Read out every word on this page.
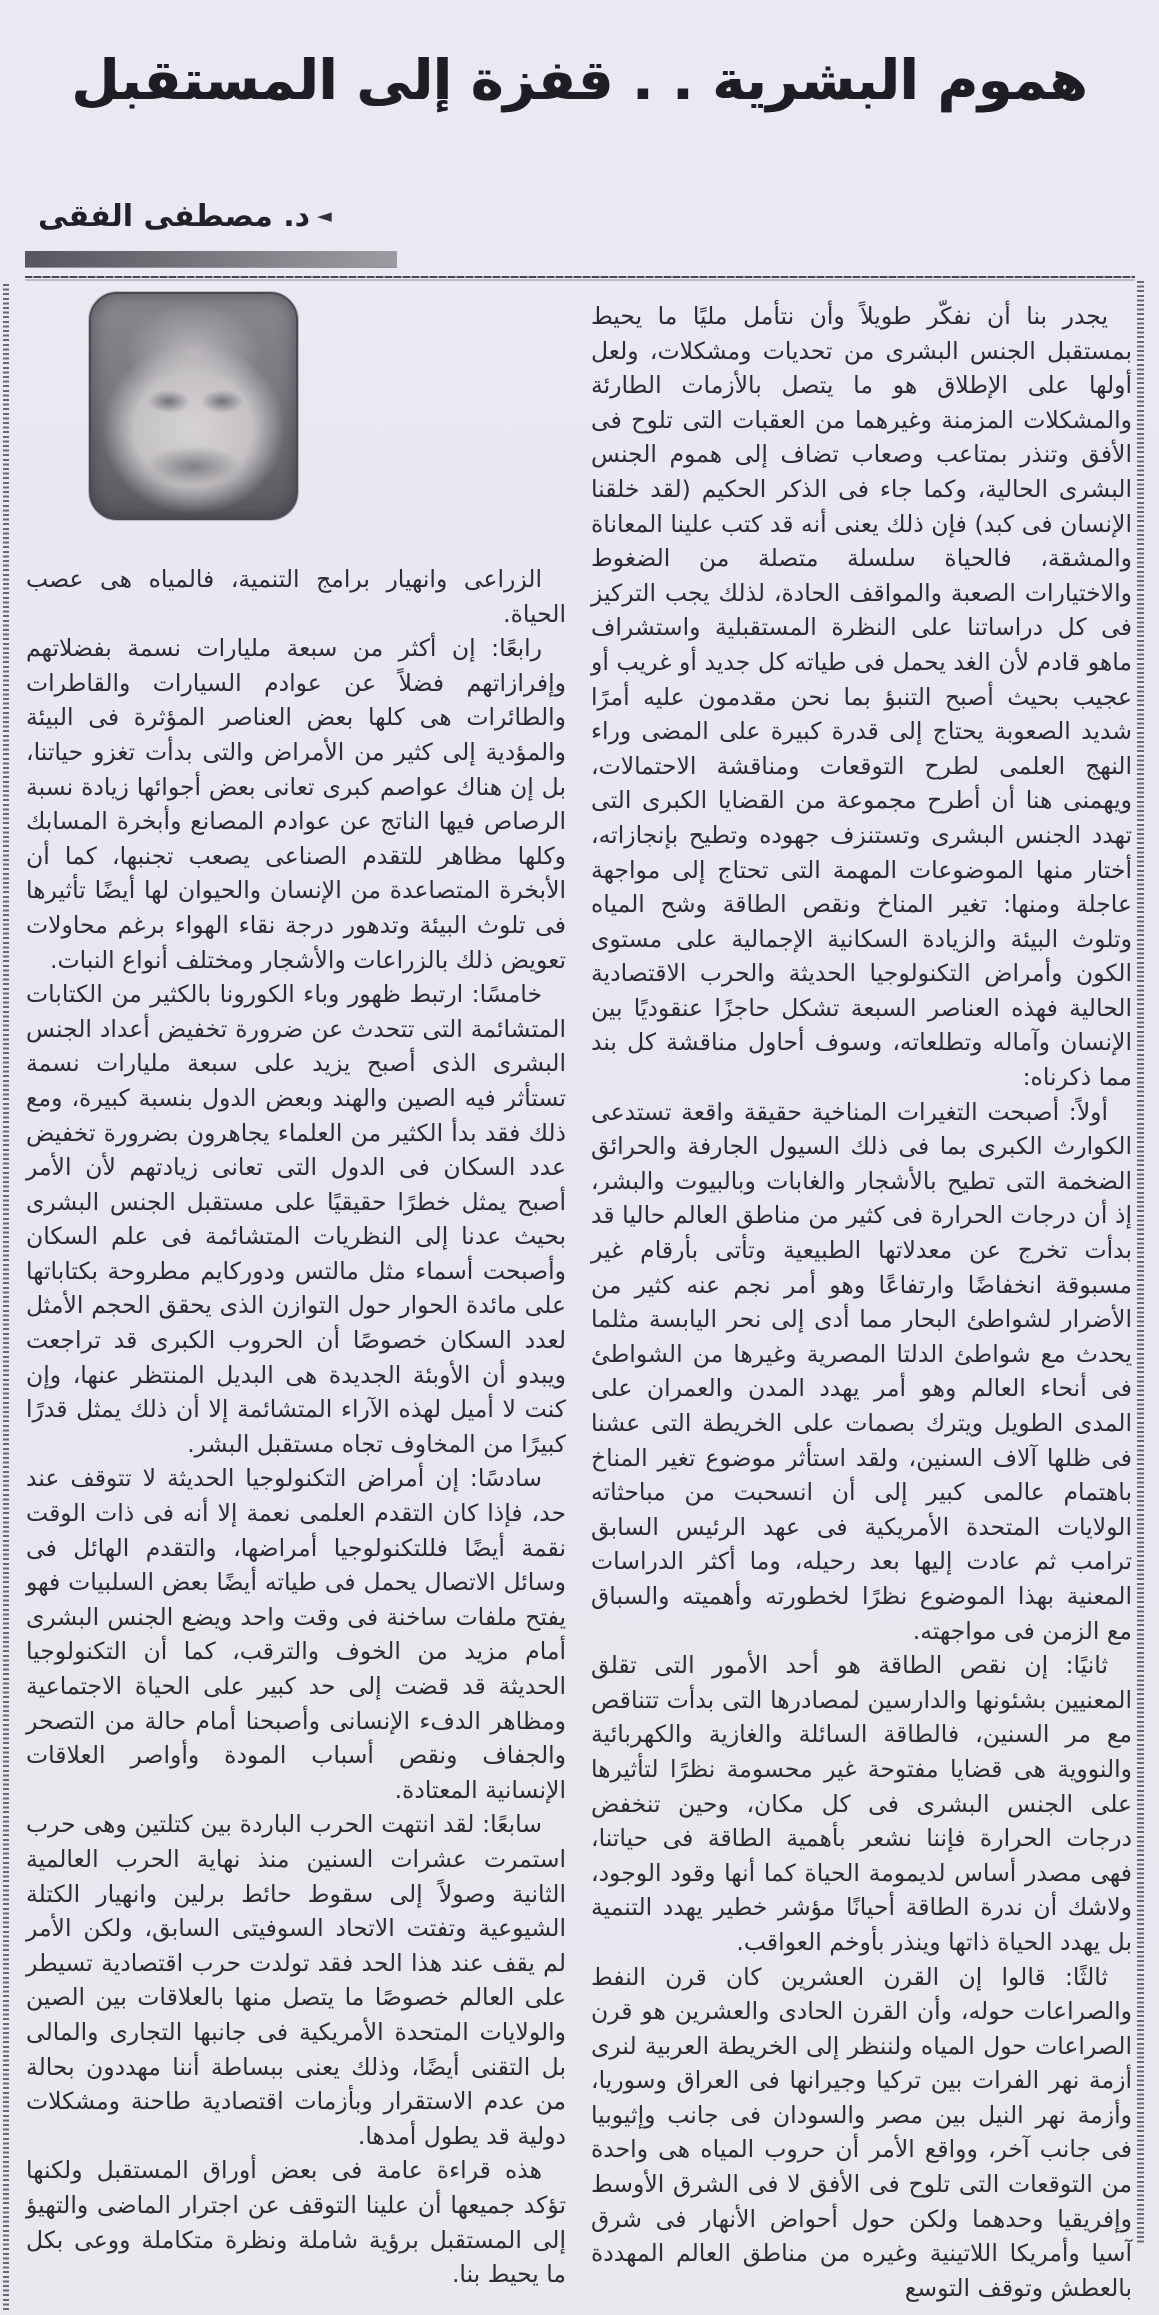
هموم البشرية . . قفزة إلى المستقبل
◄د. مصطفى الفقى

الزراعى وانهيار برامج التنمية، فالمياه هى عصب الحياة.

رابعًا: إن أكثر من سبعة مليارات نسمة بفضلاتهم وإفرازاتهم فضلاً عن عوادم السيارات والقاطرات والطائرات هى كلها بعض العناصر المؤثرة فى البيئة والمؤدية إلى كثير من الأمراض والتى بدأت تغزو حياتنا، بل إن هناك عواصم كبرى تعانى بعض أجوائها زيادة نسبة الرصاص فيها الناتج عن عوادم المصانع وأبخرة المسابك وكلها مظاهر للتقدم الصناعى يصعب تجنبها، كما أن الأبخرة المتصاعدة من الإنسان والحيوان لها أيضًا تأثيرها فى تلوث البيئة وتدهور درجة نقاء الهواء برغم محاولات تعويض ذلك بالزراعات والأشجار ومختلف أنواع النبات.

خامسًا: ارتبط ظهور وباء الكورونا بالكثير من الكتابات المتشائمة التى تتحدث عن ضرورة تخفيض أعداد الجنس البشرى الذى أصبح يزيد على سبعة مليارات نسمة تستأثر فيه الصين والهند وبعض الدول بنسبة كبيرة، ومع ذلك فقد بدأ الكثير من العلماء يجاهرون بضرورة تخفيض عدد السكان فى الدول التى تعانى زيادتهم لأن الأمر أصبح يمثل خطرًا حقيقيًا على مستقبل الجنس البشرى بحيث عدنا إلى النظريات المتشائمة فى علم السكان وأصبحت أسماء مثل مالتس ودوركايم مطروحة بكتاباتها على مائدة الحوار حول التوازن الذى يحقق الحجم الأمثل لعدد السكان خصوصًا أن الحروب الكبرى قد تراجعت ويبدو أن الأوبئة الجديدة هى البديل المنتظر عنها، وإن كنت لا أميل لهذه الآراء المتشائمة إلا أن ذلك يمثل قدرًا كبيرًا من المخاوف تجاه مستقبل البشر.

سادسًا: إن أمراض التكنولوجيا الحديثة لا تتوقف عند حد، فإذا كان التقدم العلمى نعمة إلا أنه فى ذات الوقت نقمة أيضًا فللتكنولوجيا أمراضها، والتقدم الهائل فى وسائل الاتصال يحمل فى طياته أيضًا بعض السلبيات فهو يفتح ملفات ساخنة فى وقت واحد ويضع الجنس البشرى أمام مزيد من الخوف والترقب، كما أن التكنولوجيا الحديثة قد قضت إلى حد كبير على الحياة الاجتماعية ومظاهر الدفء الإنسانى وأصبحنا أمام حالة من التصحر والجفاف ونقص أسباب المودة وأواصر العلاقات الإنسانية المعتادة.

سابعًا: لقد انتهت الحرب الباردة بين كتلتين وهى حرب استمرت عشرات السنين منذ نهاية الحرب العالمية الثانية وصولاً إلى سقوط حائط برلين وانهيار الكتلة الشيوعية وتفتت الاتحاد السوفيتى السابق، ولكن الأمر لم يقف عند هذا الحد فقد تولدت حرب اقتصادية تسيطر على العالم خصوصًا ما يتصل منها بالعلاقات بين الصين والولايات المتحدة الأمريكية فى جانبها التجارى والمالى بل التقنى أيضًا، وذلك يعنى ببساطة أننا مهددون بحالة من عدم الاستقرار وبأزمات اقتصادية طاحنة ومشكلات دولية قد يطول أمدها.

هذه قراءة عامة فى بعض أوراق المستقبل ولكنها تؤكد جميعها أن علينا التوقف عن اجترار الماضى والتهيؤ إلى المستقبل برؤية شاملة ونظرة متكاملة ووعى بكل ما يحيط بنا.

يجدر بنا أن نفكّر طويلاً وأن نتأمل مليًا ما يحيط بمستقبل الجنس البشرى من تحديات ومشكلات، ولعل أولها على الإطلاق هو ما يتصل بالأزمات الطارئة والمشكلات المزمنة وغيرهما من العقبات التى تلوح فى الأفق وتنذر بمتاعب وصعاب تضاف إلى هموم الجنس البشرى الحالية، وكما جاء فى الذكر الحكيم (لقد خلقنا الإنسان فى كبد) فإن ذلك يعنى أنه قد كتب علينا المعاناة والمشقة، فالحياة سلسلة متصلة من الضغوط والاختيارات الصعبة والمواقف الحادة، لذلك يجب التركيز فى كل دراساتنا على النظرة المستقبلية واستشراف ماهو قادم لأن الغد يحمل فى طياته كل جديد أو غريب أو عجيب بحيث أصبح التنبؤ بما نحن مقدمون عليه أمرًا شديد الصعوبة يحتاج إلى قدرة كبيرة على المضى وراء النهج العلمى لطرح التوقعات ومناقشة الاحتمالات، ويهمنى هنا أن أطرح مجموعة من القضايا الكبرى التى تهدد الجنس البشرى وتستنزف جهوده وتطيح بإنجازاته، أختار منها الموضوعات المهمة التى تحتاج إلى مواجهة عاجلة ومنها: تغير المناخ ونقص الطاقة وشح المياه وتلوث البيئة والزيادة السكانية الإجمالية على مستوى الكون وأمراض التكنولوجيا الحديثة والحرب الاقتصادية الحالية فهذه العناصر السبعة تشكل حاجزًا عنقوديًا بين الإنسان وآماله وتطلعاته، وسوف أحاول مناقشة كل بند مما ذكرناه:

أولاً: أصبحت التغيرات المناخية حقيقة واقعة تستدعى الكوارث الكبرى بما فى ذلك السيول الجارفة والحرائق الضخمة التى تطيح بالأشجار والغابات وبالبيوت والبشر، إذ أن درجات الحرارة فى كثير من مناطق العالم حاليا قد بدأت تخرج عن معدلاتها الطبيعية وتأتى بأرقام غير مسبوقة انخفاضًا وارتفاعًا وهو أمر نجم عنه كثير من الأضرار لشواطئ البحار مما أدى إلى نحر اليابسة مثلما يحدث مع شواطئ الدلتا المصرية وغيرها من الشواطئ فى أنحاء العالم وهو أمر يهدد المدن والعمران على المدى الطويل ويترك بصمات على الخريطة التى عشنا فى ظلها آلاف السنين، ولقد استأثر موضوع تغير المناخ باهتمام عالمى كبير إلى أن انسحبت من مباحثاته الولايات المتحدة الأمريكية فى عهد الرئيس السابق ترامب ثم عادت إليها بعد رحيله، وما أكثر الدراسات المعنية بهذا الموضوع نظرًا لخطورته وأهميته والسباق مع الزمن فى مواجهته.

ثانيًا: إن نقص الطاقة هو أحد الأمور التى تقلق المعنيين بشئونها والدارسين لمصادرها التى بدأت تتناقص مع مر السنين، فالطاقة السائلة والغازية والكهربائية والنووية هى قضايا مفتوحة غير محسومة نظرًا لتأثيرها على الجنس البشرى فى كل مكان، وحين تنخفض درجات الحرارة فإننا نشعر بأهمية الطاقة فى حياتنا، فهى مصدر أساس لديمومة الحياة كما أنها وقود الوجود، ولاشك أن ندرة الطاقة أحيانًا مؤشر خطير يهدد التنمية بل يهدد الحياة ذاتها وينذر بأوخم العواقب.

ثالثًا: قالوا إن القرن العشرين كان قرن النفط والصراعات حوله، وأن القرن الحادى والعشرين هو قرن الصراعات حول المياه ولننظر إلى الخريطة العربية لنرى أزمة نهر الفرات بين تركيا وجيرانها فى العراق وسوريا، وأزمة نهر النيل بين مصر والسودان فى جانب وإثيوبيا فى جانب آخر، وواقع الأمر أن حروب المياه هى واحدة من التوقعات التى تلوح فى الأفق لا فى الشرق الأوسط وإفريقيا وحدهما ولكن حول أحواض الأنهار فى شرق آسيا وأمريكا اللاتينية وغيره من مناطق العالم المهددة بالعطش وتوقف التوسع
